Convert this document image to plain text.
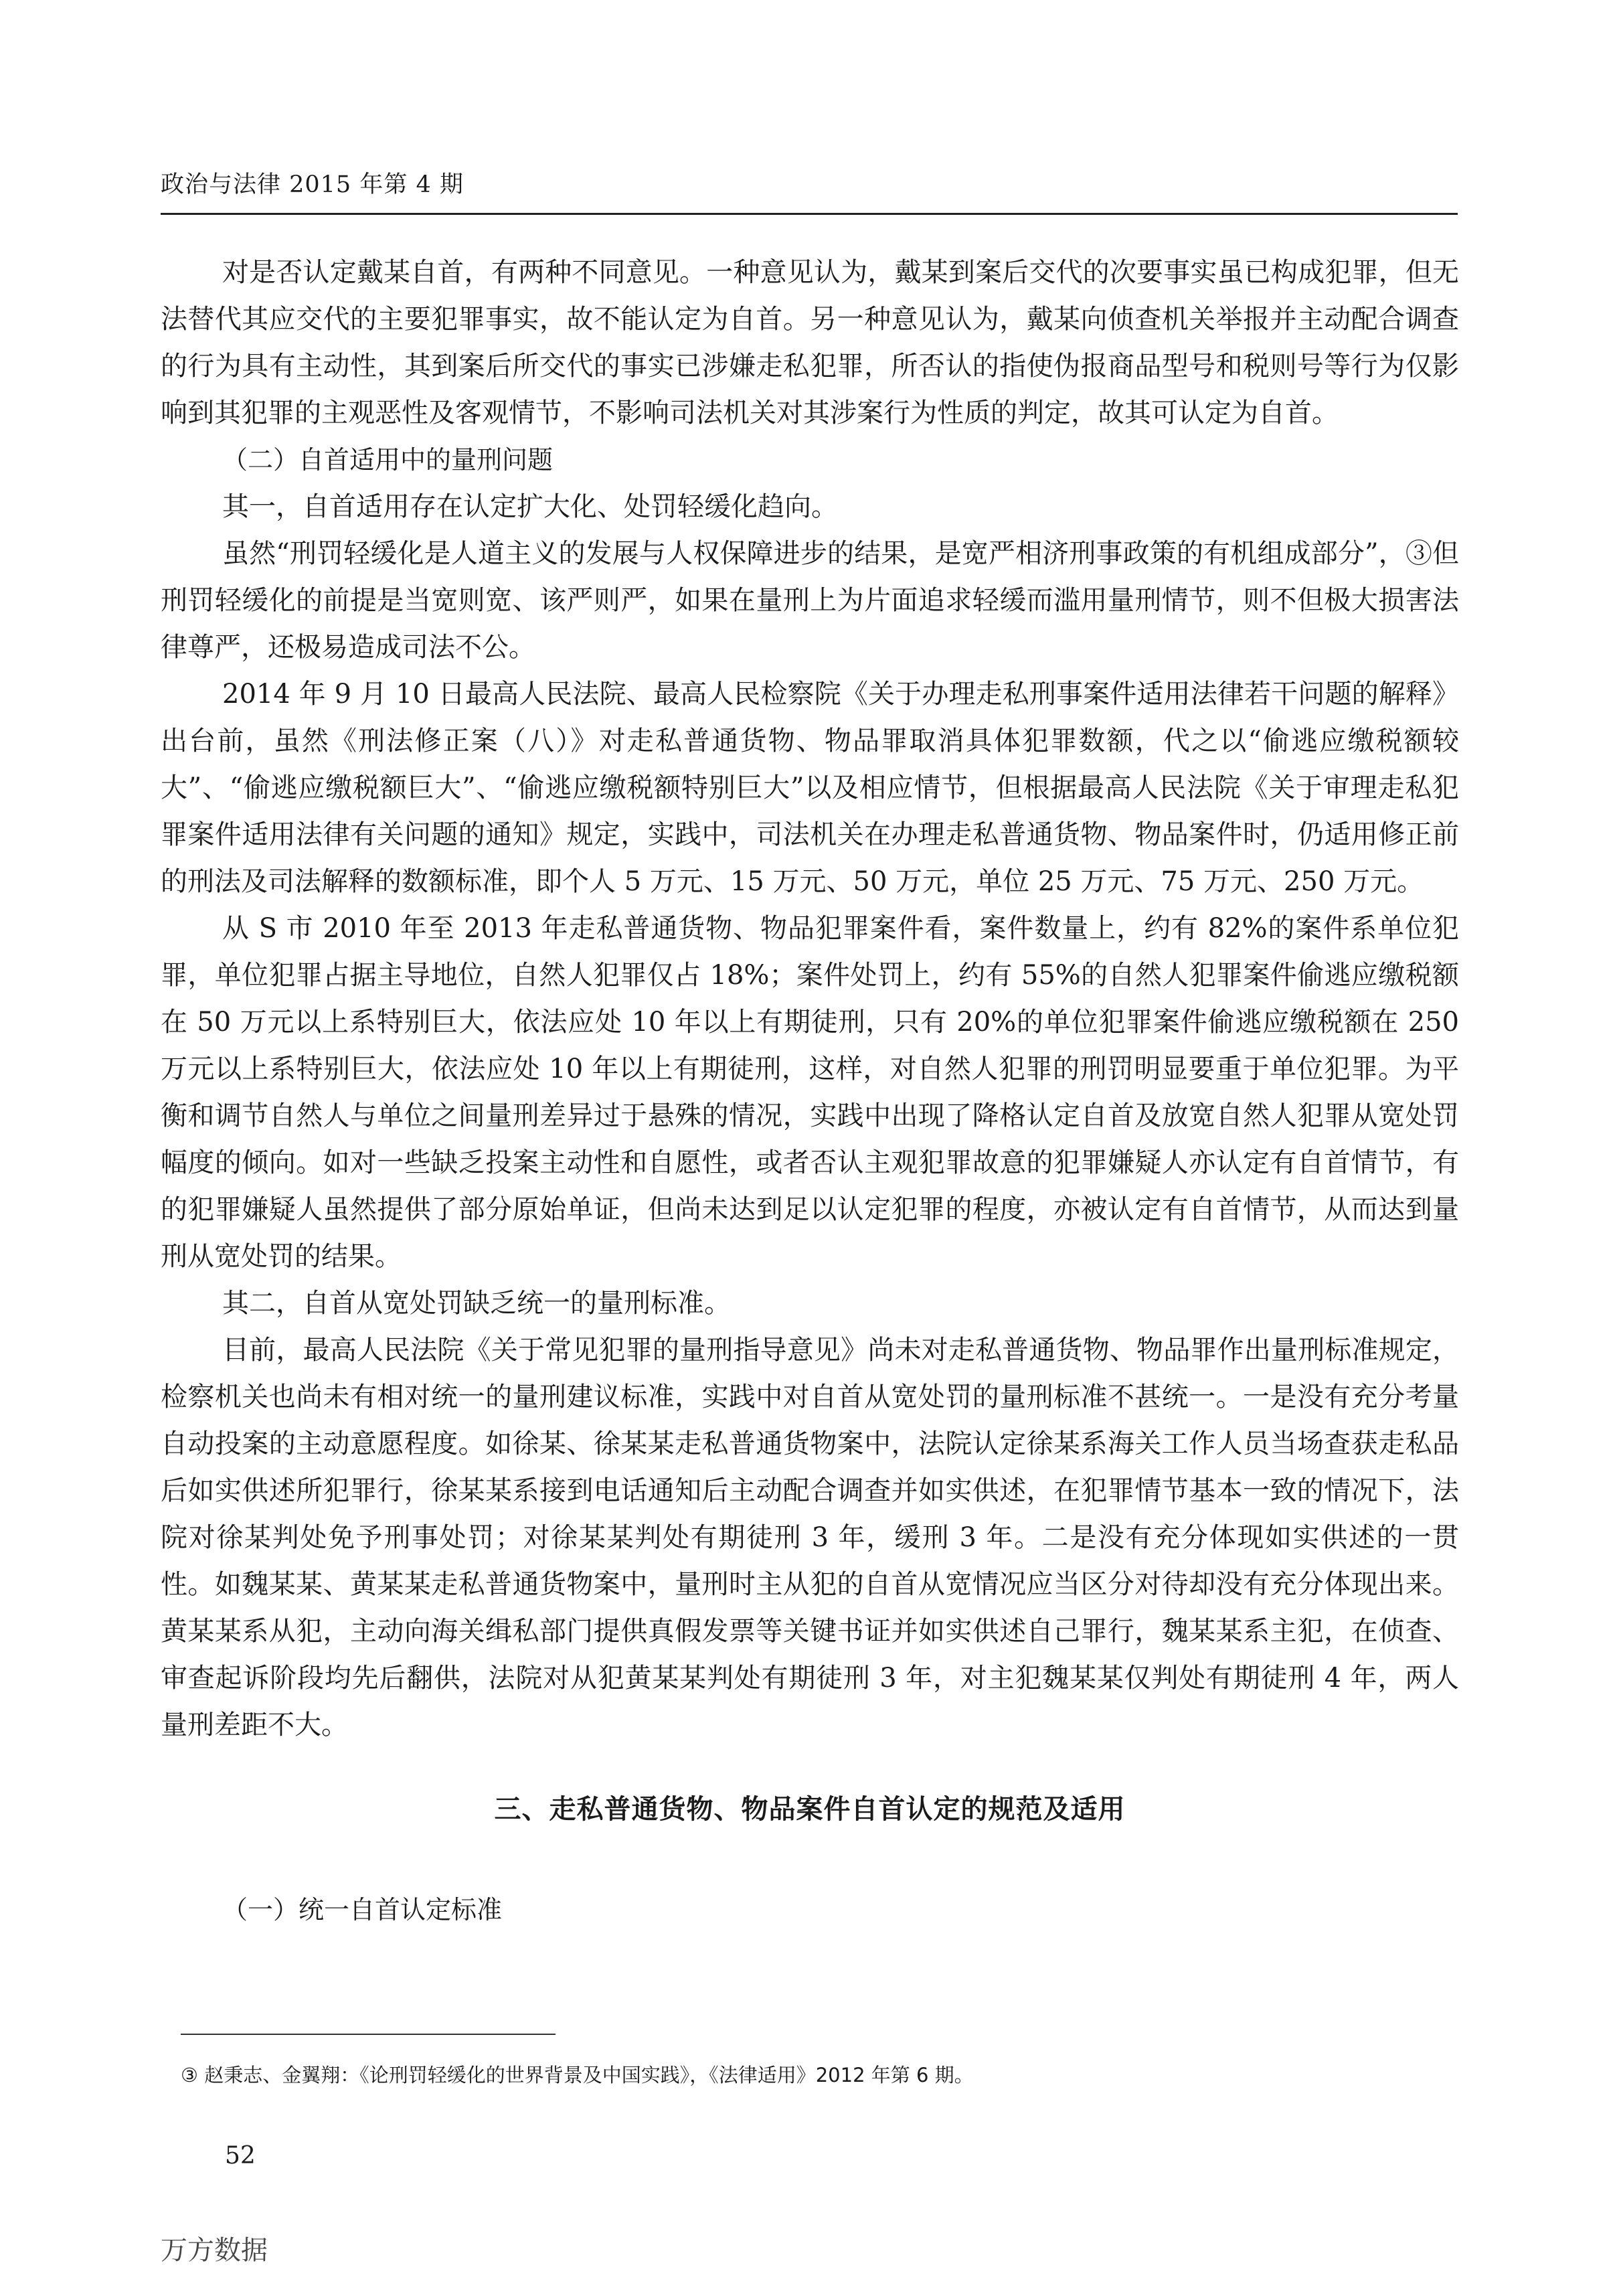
政治与法律 2015 年第 4 期

对是否认定戴某自首，有两种不同意见。一种意见认为，戴某到案后交代的次要事实虽已构成犯罪，但无法替代其应交代的主要犯罪事实，故不能认定为自首。另一种意见认为，戴某向侦查机关举报并主动配合调查的行为具有主动性，其到案后所交代的事实已涉嫌走私犯罪，所否认的指使伪报商品型号和税则号等行为仅影响到其犯罪的主观恶性及客观情节，不影响司法机关对其涉案行为性质的判定，故其可认定为自首。

（二）自首适用中的量刑问题

其一，自首适用存在认定扩大化、处罚轻缓化趋向。

虽然“刑罚轻缓化是人道主义的发展与人权保障进步的结果，是宽严相济刑事政策的有机组成部分”，③但刑罚轻缓化的前提是当宽则宽、该严则严，如果在量刑上为片面追求轻缓而滥用量刑情节，则不但极大损害法律尊严，还极易造成司法不公。

2014 年 9 月 10 日最高人民法院、最高人民检察院《关于办理走私刑事案件适用法律若干问题的解释》出台前，虽然《刑法修正案（八）》对走私普通货物、物品罪取消具体犯罪数额，代之以“偷逃应缴税额较大”、“偷逃应缴税额巨大”、“偷逃应缴税额特别巨大”以及相应情节，但根据最高人民法院《关于审理走私犯罪案件适用法律有关问题的通知》规定，实践中，司法机关在办理走私普通货物、物品案件时，仍适用修正前的刑法及司法解释的数额标准，即个人 5 万元、15 万元、50 万元，单位 25 万元、75 万元、250 万元。

从 S 市 2010 年至 2013 年走私普通货物、物品犯罪案件看，案件数量上，约有 82%的案件系单位犯罪，单位犯罪占据主导地位，自然人犯罪仅占 18%；案件处罚上，约有 55%的自然人犯罪案件偷逃应缴税额在 50 万元以上系特别巨大，依法应处 10 年以上有期徒刑，只有 20%的单位犯罪案件偷逃应缴税额在 250 万元以上系特别巨大，依法应处 10 年以上有期徒刑，这样，对自然人犯罪的刑罚明显要重于单位犯罪。为平衡和调节自然人与单位之间量刑差异过于悬殊的情况，实践中出现了降格认定自首及放宽自然人犯罪从宽处罚幅度的倾向。如对一些缺乏投案主动性和自愿性，或者否认主观犯罪故意的犯罪嫌疑人亦认定有自首情节，有的犯罪嫌疑人虽然提供了部分原始单证，但尚未达到足以认定犯罪的程度，亦被认定有自首情节，从而达到量刑从宽处罚的结果。

其二，自首从宽处罚缺乏统一的量刑标准。

目前，最高人民法院《关于常见犯罪的量刑指导意见》尚未对走私普通货物、物品罪作出量刑标准规定，检察机关也尚未有相对统一的量刑建议标准，实践中对自首从宽处罚的量刑标准不甚统一。一是没有充分考量自动投案的主动意愿程度。如徐某、徐某某走私普通货物案中，法院认定徐某系海关工作人员当场查获走私品后如实供述所犯罪行，徐某某系接到电话通知后主动配合调查并如实供述，在犯罪情节基本一致的情况下，法院对徐某判处免予刑事处罚；对徐某某判处有期徒刑 3 年，缓刑 3 年。二是没有充分体现如实供述的一贯性。如魏某某、黄某某走私普通货物案中，量刑时主从犯的自首从宽情况应当区分对待却没有充分体现出来。黄某某系从犯，主动向海关缉私部门提供真假发票等关键书证并如实供述自己罪行，魏某某系主犯，在侦查、审查起诉阶段均先后翻供，法院对从犯黄某某判处有期徒刑 3 年，对主犯魏某某仅判处有期徒刑 4 年，两人量刑差距不大。

三、走私普通货物、物品案件自首认定的规范及适用
（一）统一自首认定标准
③ 赵秉志、金翼翔：《论刑罚轻缓化的世界背景及中国实践》，《法律适用》2012 年第 6 期。
52
万方数据
